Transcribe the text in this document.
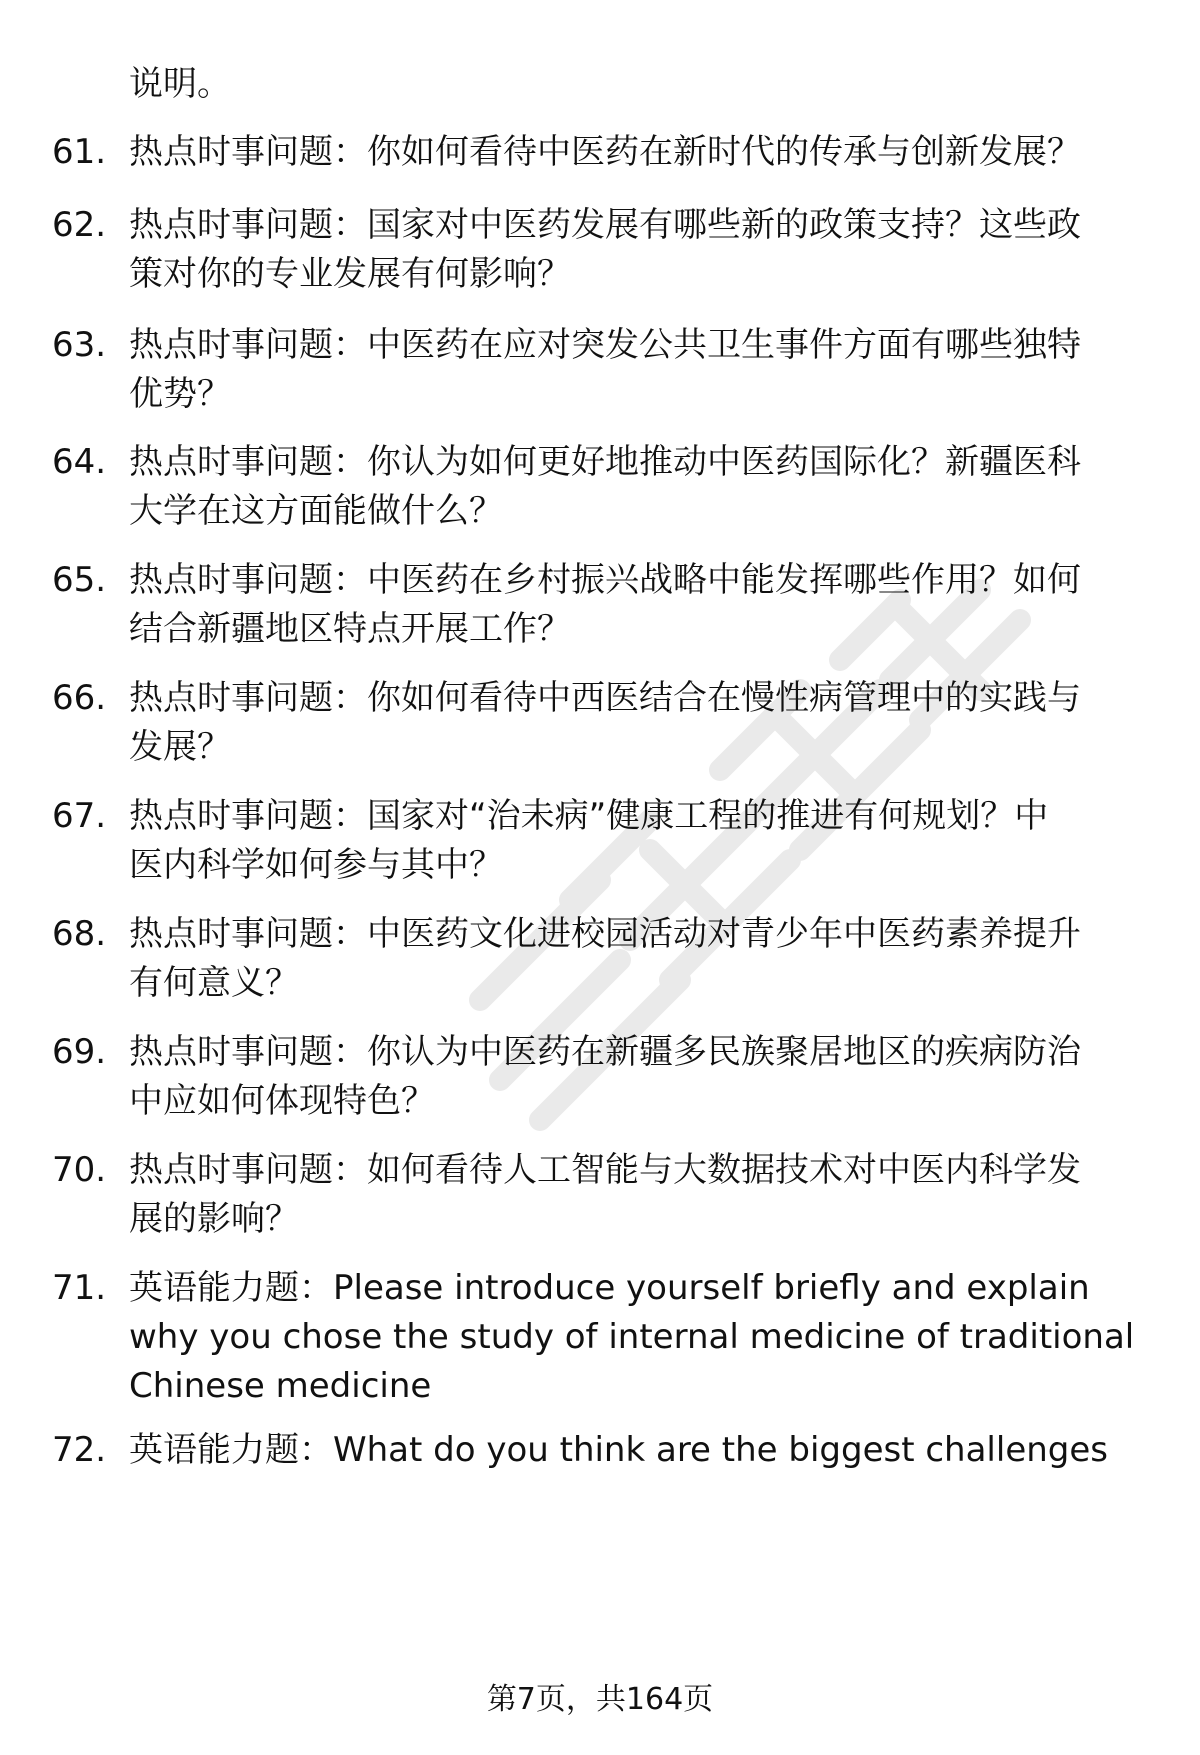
说明。
61. 热点时事问题：你如何看待中医药在新时代的传承与创新发展？
62. 热点时事问题：国家对中医药发展有哪些新的政策支持？这些政
策对你的专业发展有何影响？
63. 热点时事问题：中医药在应对突发公共卫生事件方面有哪些独特
优势？
64. 热点时事问题：你认为如何更好地推动中医药国际化？新疆医科
大学在这方面能做什么？
65. 热点时事问题：中医药在乡村振兴战略中能发挥哪些作用？如何
结合新疆地区特点开展工作？
66. 热点时事问题：你如何看待中西医结合在慢性病管理中的实践与
发展？
67. 热点时事问题：国家对“治未病”健康工程的推进有何规划？中
医内科学如何参与其中？
68. 热点时事问题：中医药文化进校园活动对青少年中医药素养提升
有何意义？
69. 热点时事问题：你认为中医药在新疆多民族聚居地区的疾病防治
中应如何体现特色？
70. 热点时事问题：如何看待人工智能与大数据技术对中医内科学发
展的影响？
71. 英语能力题：Please introduce yourself briefly and explain
why you chose the study of internal medicine of traditional
Chinese medicine
72. 英语能力题：What do you think are the biggest challenges
第7页，共164页
